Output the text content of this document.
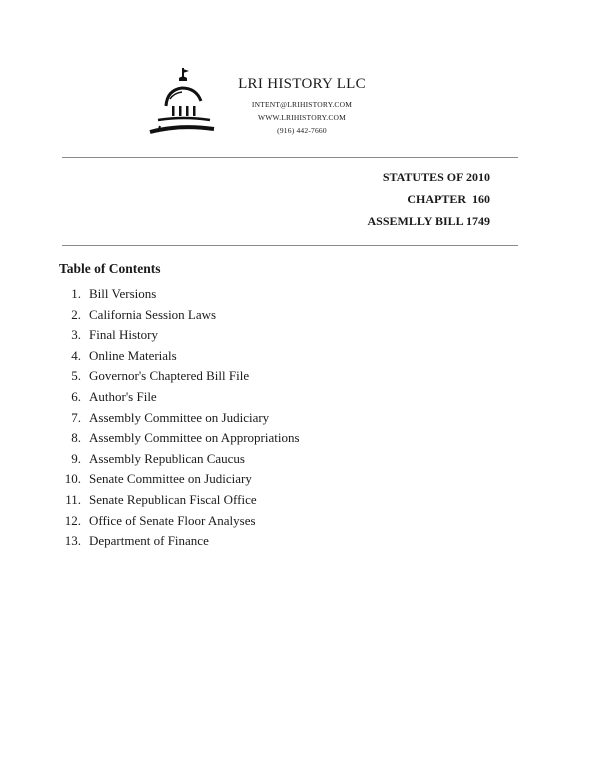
LRI HISTORY LLC
INTENT@LRIHISTORY.COM
WWW.LRIHISTORY.COM
(916) 442-7660
STATUTES OF 2010
CHAPTER  160
ASSEMLLY BILL 1749
Table of Contents
1. Bill Versions
2. California Session Laws
3. Final History
4. Online Materials
5. Governor's Chaptered Bill File
6. Author's File
7. Assembly Committee on Judiciary
8. Assembly Committee on Appropriations
9. Assembly Republican Caucus
10. Senate Committee on Judiciary
11. Senate Republican Fiscal Office
12. Office of Senate Floor Analyses
13. Department of Finance
